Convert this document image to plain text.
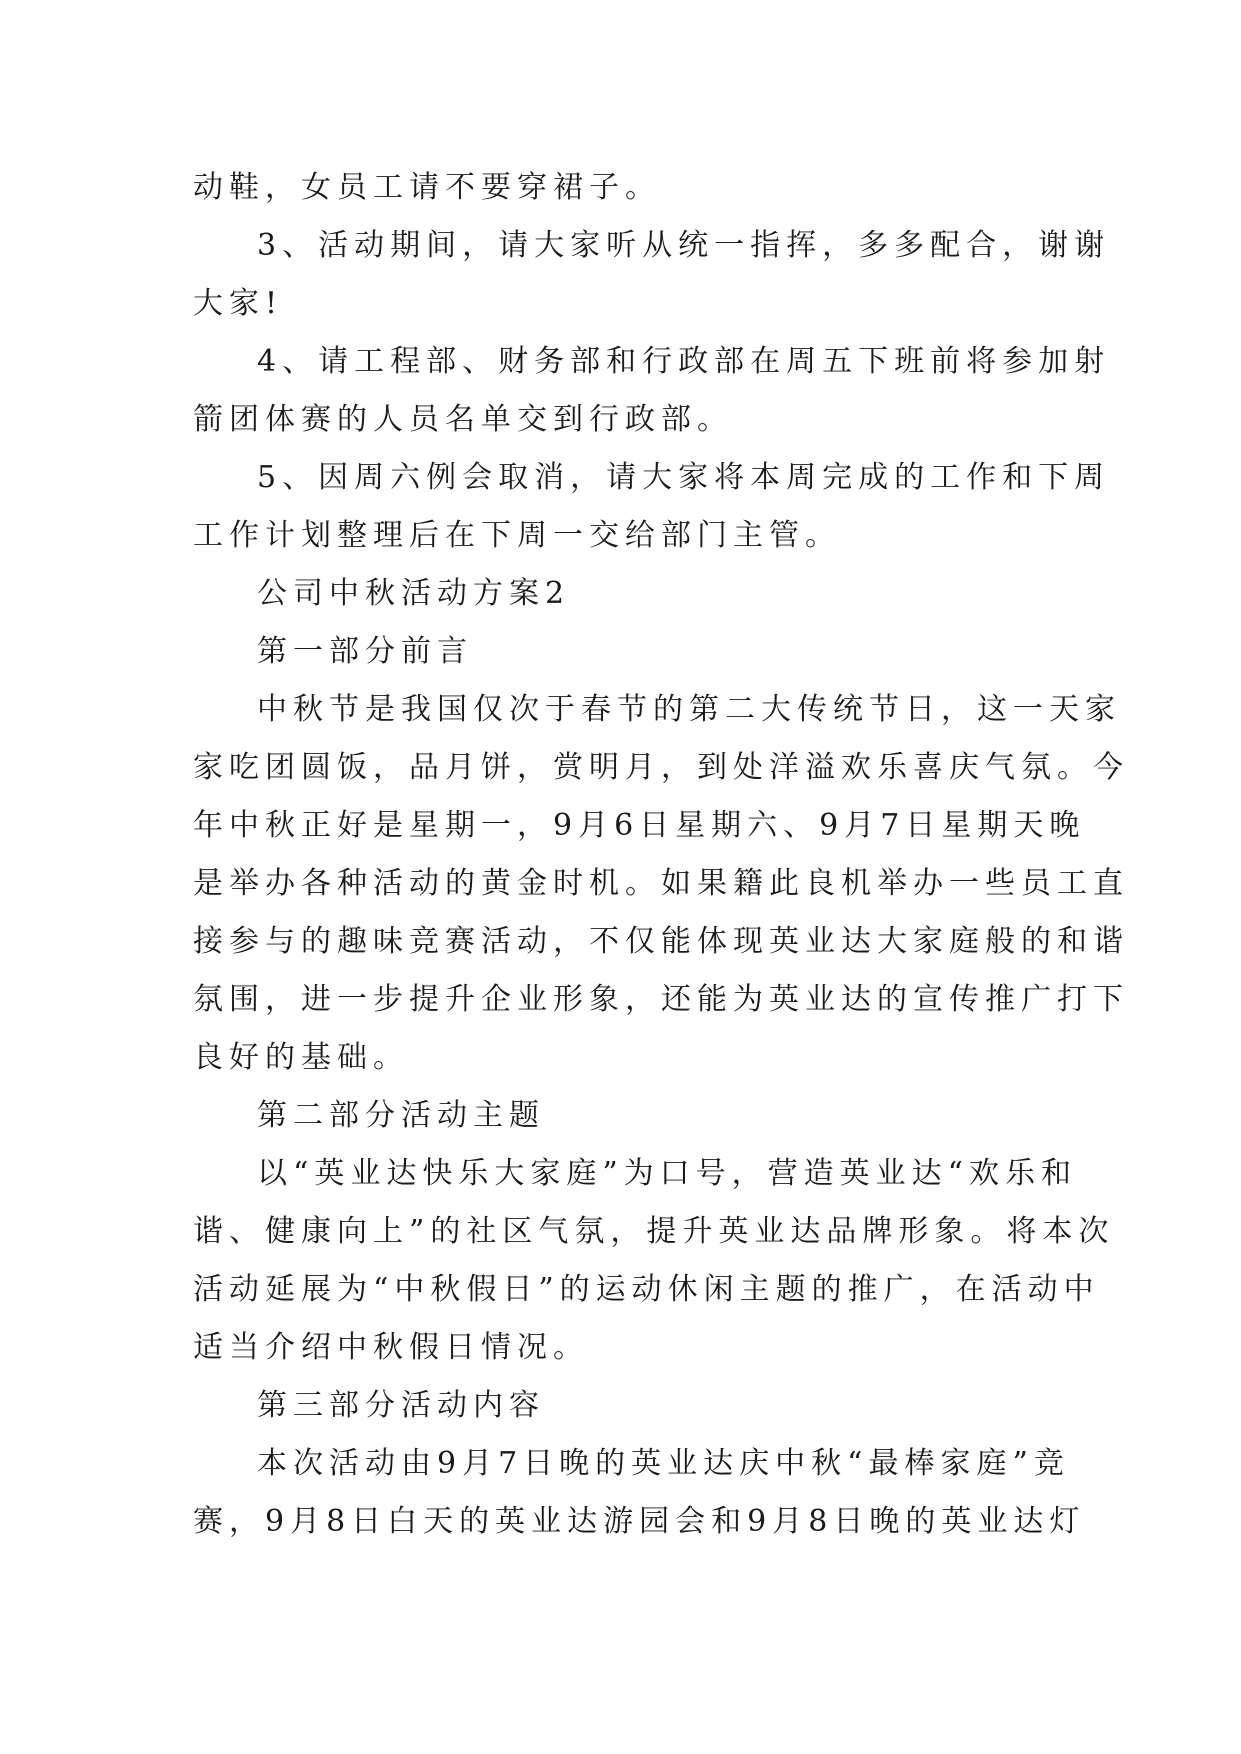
动鞋，女员工请不要穿裙子。
3、活动期间，请大家听从统一指挥，多多配合，谢谢
大家!
4、请工程部、财务部和行政部在周五下班前将参加射
箭团体赛的人员名单交到行政部。
5、因周六例会取消，请大家将本周完成的工作和下周
工作计划整理后在下周一交给部门主管。
公司中秋活动方案2
第一部分前言
中秋节是我国仅次于春节的第二大传统节日，这一天家
家吃团圆饭，品月饼，赏明月，到处洋溢欢乐喜庆气氛。今
年中秋正好是星期一，9月6日星期六、9月7日星期天晚
是举办各种活动的黄金时机。如果籍此良机举办一些员工直
接参与的趣味竞赛活动，不仅能体现英业达大家庭般的和谐
氛围，进一步提升企业形象，还能为英业达的宣传推广打下
良好的基础。
第二部分活动主题
以“英业达快乐大家庭”为口号，营造英业达“欢乐和
谐、健康向上”的社区气氛，提升英业达品牌形象。将本次
活动延展为“中秋假日”的运动休闲主题的推广，在活动中
适当介绍中秋假日情况。
第三部分活动内容
本次活动由9月7日晚的英业达庆中秋“最棒家庭”竞
赛，9月8日白天的英业达游园会和9月8日晚的英业达灯
